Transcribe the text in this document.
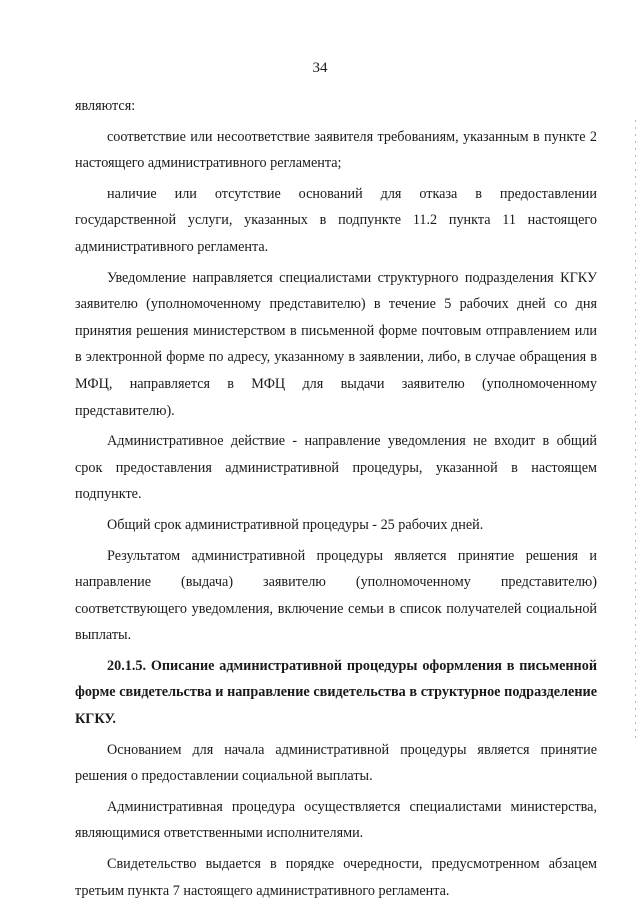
34

являются:

соответствие или несоответствие заявителя требованиям, указанным в пункте 2 настоящего административного регламента;

наличие или отсутствие оснований для отказа в предоставлении государственной услуги, указанных в подпункте 11.2 пункта 11 настоящего административного регламента.

Уведомление направляется специалистами структурного подразделения КГКУ заявителю (уполномоченному представителю) в течение 5 рабочих дней со дня принятия решения министерством в письменной форме почтовым отправлением или в электронной форме по адресу, указанному в заявлении, либо, в случае обращения в МФЦ, направляется в МФЦ для выдачи заявителю (уполномоченному представителю).

Административное действие - направление уведомления не входит в общий срок предоставления административной процедуры, указанной в настоящем подпункте.

Общий срок административной процедуры - 25 рабочих дней.

Результатом административной процедуры является принятие решения и направление (выдача) заявителю (уполномоченному представителю) соответствующего уведомления, включение семьи в список получателей социальной выплаты.

20.1.5. Описание административной процедуры оформления в письменной форме свидетельства и направление свидетельства в структурное подразделение КГКУ.

Основанием для начала административной процедуры является принятие решения о предоставлении социальной выплаты.

Административная процедура осуществляется специалистами министерства, являющимися ответственными исполнителями.

Свидетельство выдается в порядке очередности, предусмотренном абзацем третьим пункта 7 настоящего административного регламента.
